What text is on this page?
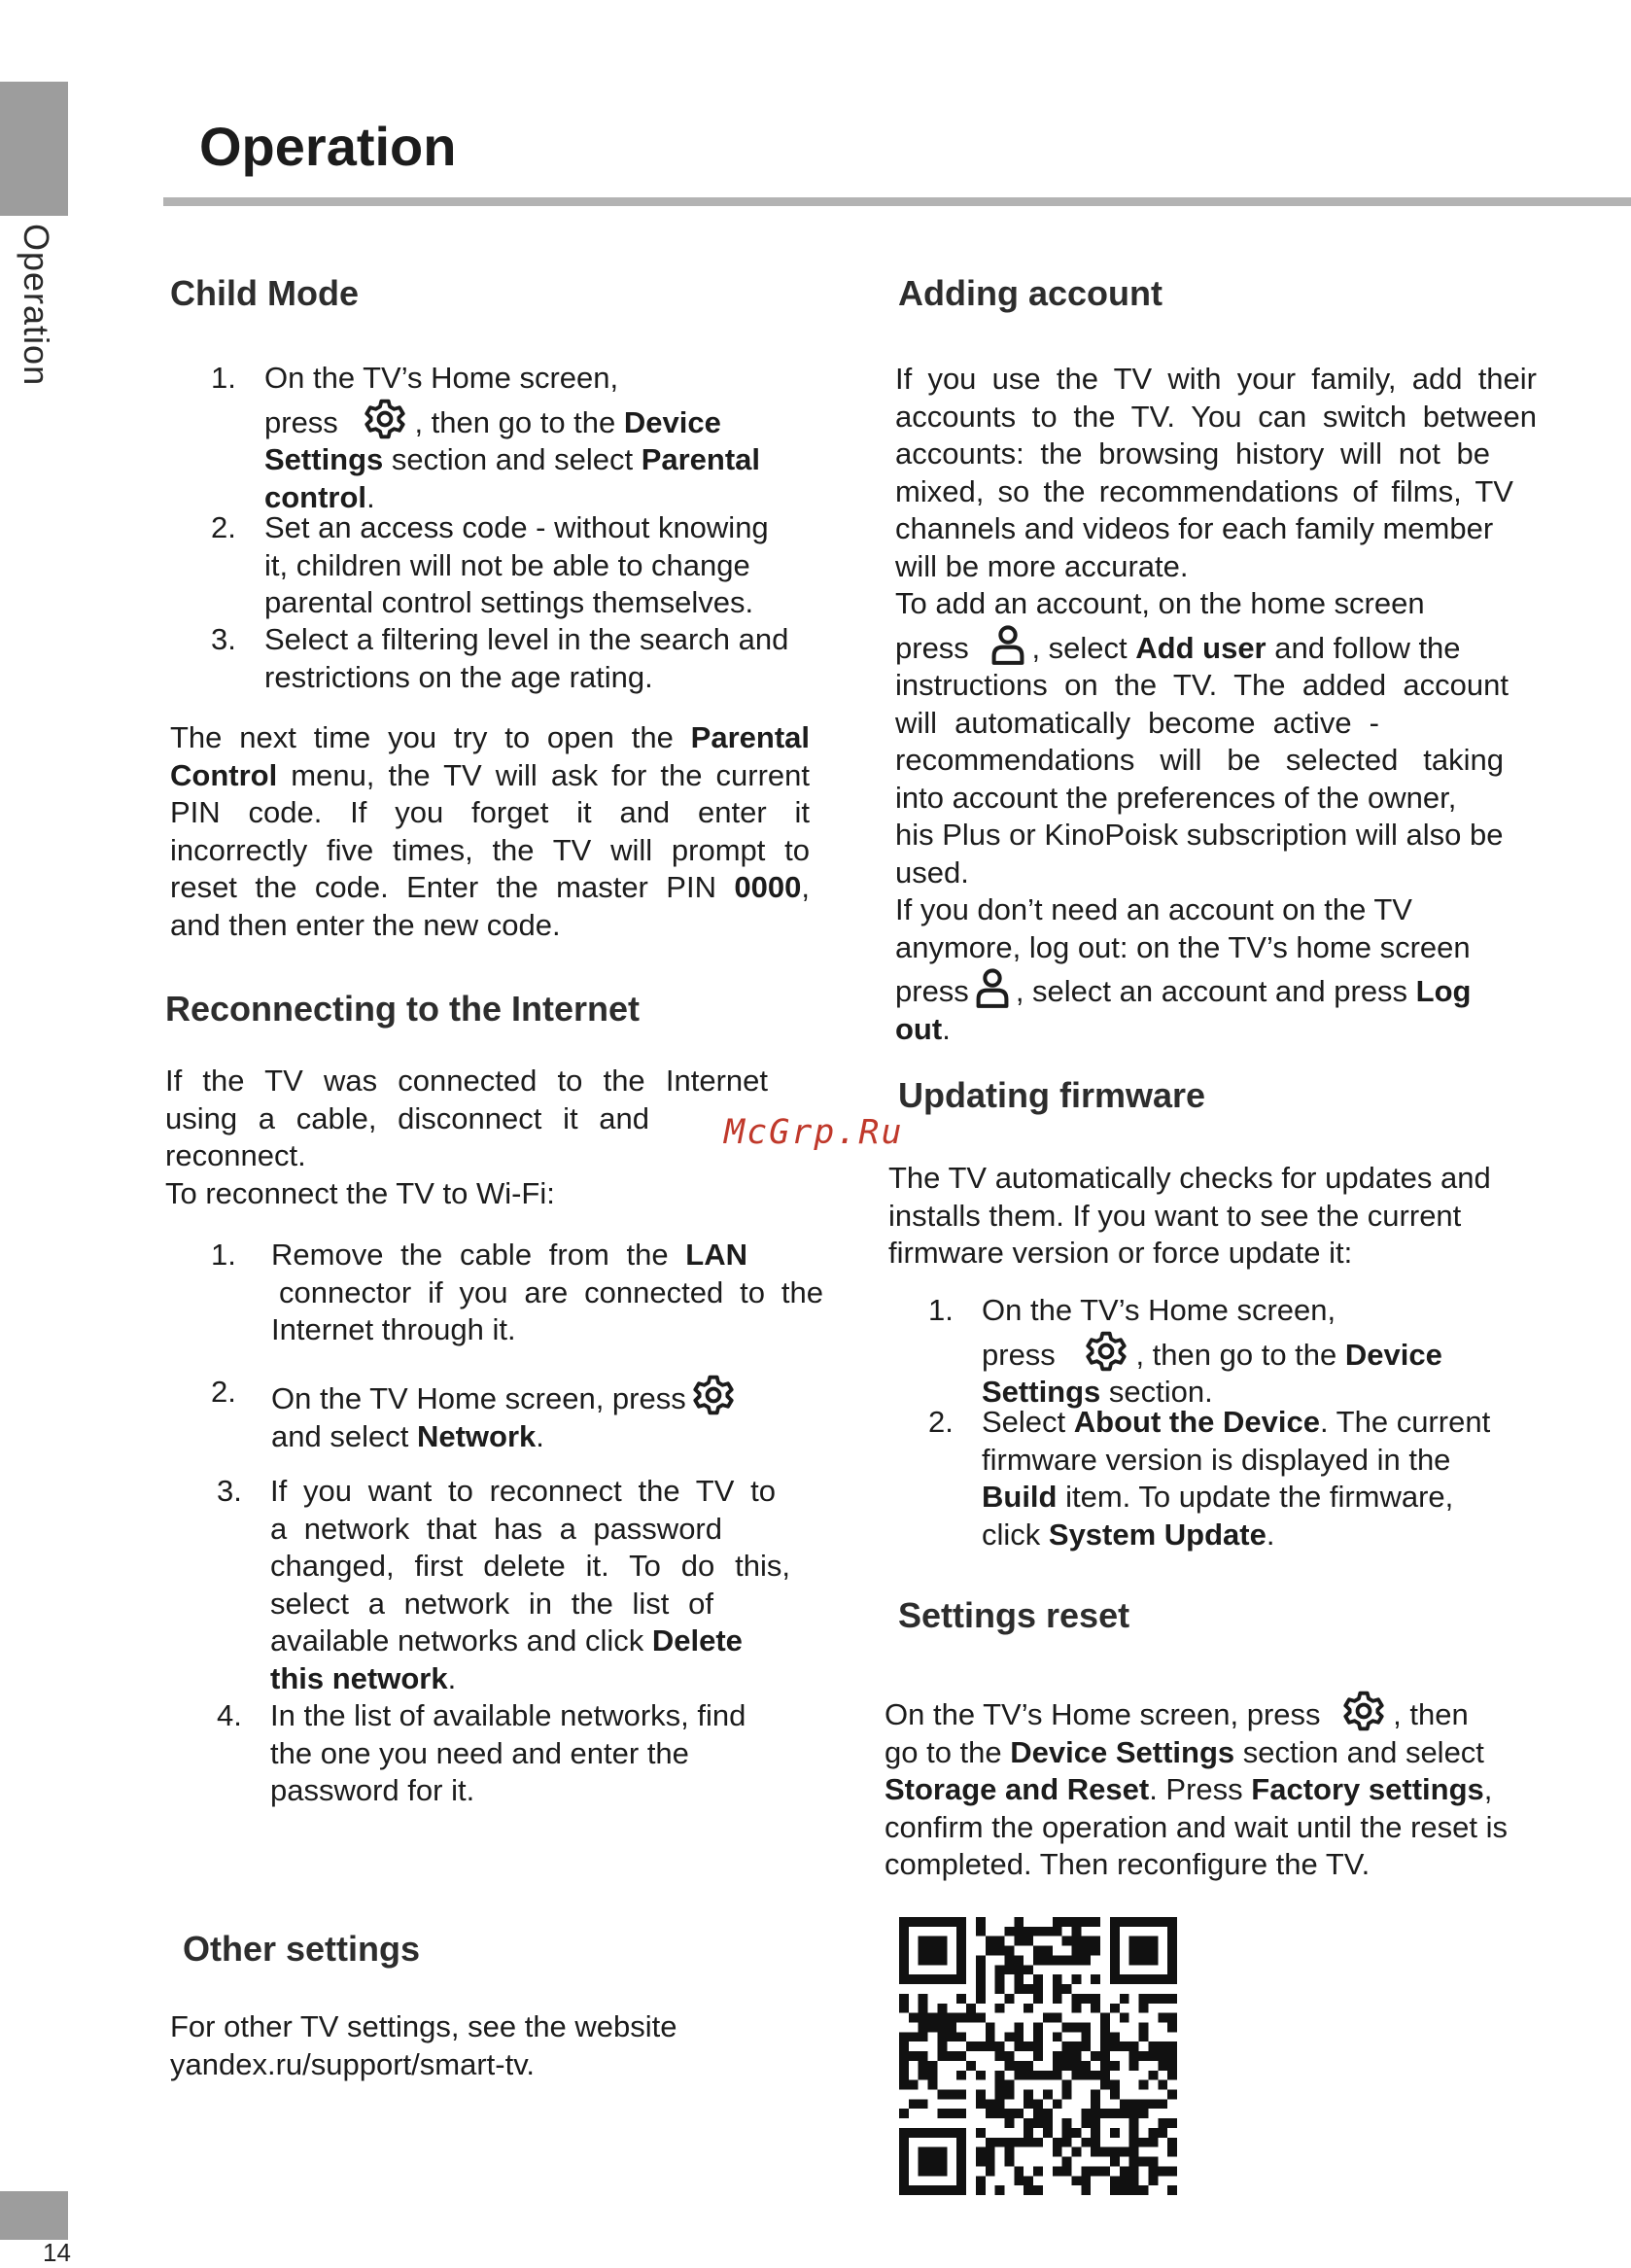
Operation
14
Operation
Child Mode
1. On the TV’s Home screen,
press	, then go to the Device
Settings section and select Parental
control.
2. Set an access code - without knowing
it, children will not be able to change
parental control settings themselves.
3. Select a filtering level in the search and
restrictions on the age rating.
The next time you try to open the Parental
Control menu, the TV will ask for the current
PIN code. If you forget it and enter it
incorrectly five times, the TV will prompt to
reset the code. Enter the master PIN 0000,
and then enter the new code.
Reconnecting to the Internet
If the TV was connected to the Internet
using a cable, disconnect it and
reconnect.
To reconnect the TV to Wi-Fi:
1. Remove the cable from the LAN
connector if you are connected to the
Internet through it.
2. On the TV Home screen, press
and select Network.
3. If you want to reconnect the TV to
a network that has a password
changed, first delete it. To do this,
select a network in the list of
available networks and click Delete
this network.
4. In the list of available networks, find
the one you need and enter the
password for it.
Other settings
For other TV settings, see the website
yandex.ru/support/smart-tv.
Adding account
If you use the TV with your family, add their
accounts to the TV. You can switch between
accounts: the browsing history will not be
mixed, so the recommendations of films, TV
channels and videos for each family member
will be more accurate.
To add an account, on the home screen
press , select Add user and follow the
instructions on the TV. The added account
will automatically become active -
recommendations will be selected taking
into account the preferences of the owner,
his Plus or KinoPoisk subscription will also be
used.
If you don’t need an account on the TV
anymore, log out: on the TV’s home screen
press , select an account and press Log
out.
Updating firmware
The TV automatically checks for updates and
installs them. If you want to see the current
firmware version or force update it:
1. On the TV’s Home screen,
press	, then go to the Device
Settings section.
2. Select About the Device. The current
firmware version is displayed in the
Build item. To update the firmware,
click System Update.
Settings reset
On the TV’s Home screen, press , then
go to the Device Settings section and select
Storage and Reset. Press Factory settings,
confirm the operation and wait until the reset is
completed. Then reconfigure the TV.
McGrp.Ru
